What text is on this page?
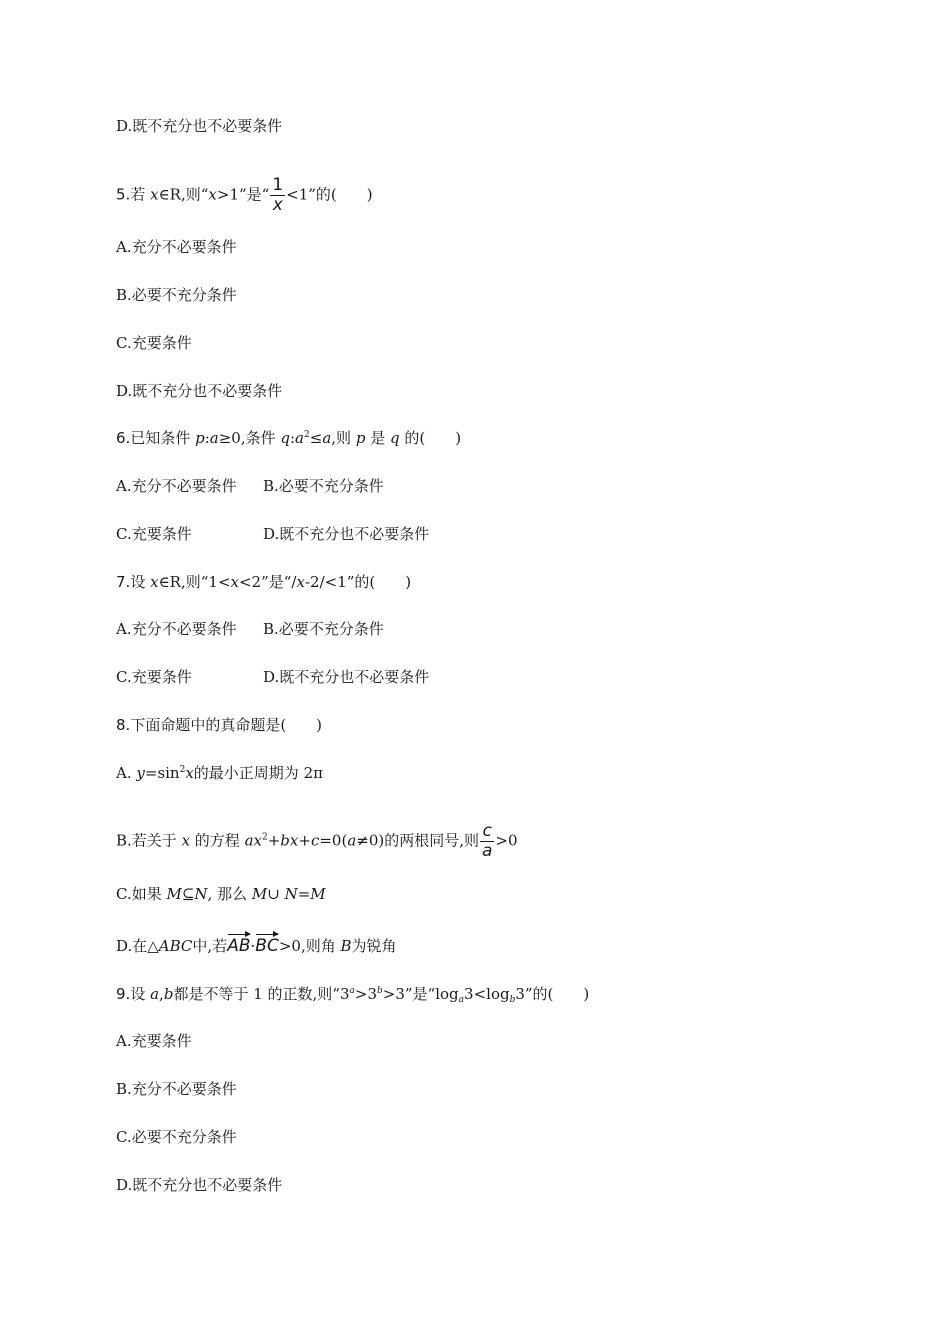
D.既不充分也不必要条件
5.若 x∈R,则“x>1”是“ $\frac{1}{x} <1$”的(　　)
A.充分不必要条件
B.必要不充分条件
C.充要条件
D.既不充分也不必要条件
6.已知条件 p:a≥0,条件 $q:a^2\le a$,则 p 是 q 的(　　)
A.充分不必要条件 B.必要不充分条件
C.充要条件	D.既不充分也不必要条件
7.设 x∈R,则“1<x<2”是“/x-2/<1”的(　　)
A.充分不必要条件 B.必要不充分条件
C.充要条件	D.既不充分也不必要条件
8.下面命题中的真命题是(　　)
A. $y=\sin^2x$的最小正周期为 2π
B.若关于 x 的方程 $ax^2+bx+c=0(a\ne 0)$的两根同号,则 $\frac{c}{a} >0$
C.如果 M⊆N, 那么 M∪ N=M
D.在△ABC中,若AB·BC>0,则角 B为锐角
9.设 a,b都是不等于 1 的正数,则“$3^a>3^b>3$”是“$\log_a3<\log_b3$”的(　　)
A.充要条件
B.充分不必要条件
C.必要不充分条件
D.既不充分也不必要条件
